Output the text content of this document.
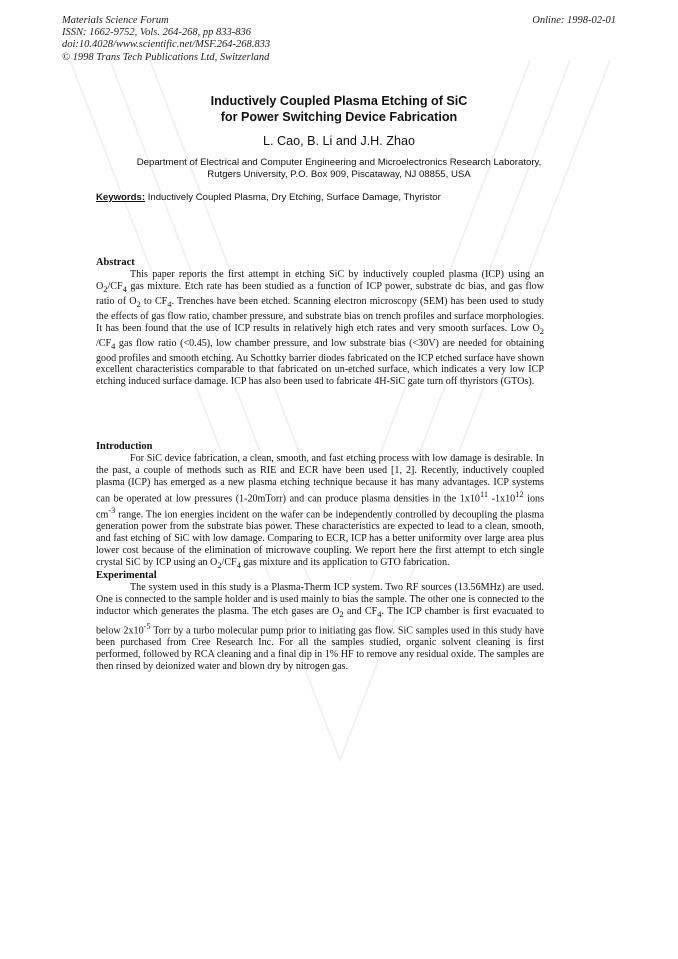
Materials Science Forum
ISSN: 1662-9752, Vols. 264-268, pp 833-836
doi:10.4028/www.scientific.net/MSF.264-268.833
© 1998 Trans Tech Publications Ltd, Switzerland
Online: 1998-02-01
Inductively Coupled Plasma Etching of SiC
for Power Switching Device Fabrication
L. Cao, B. Li and J.H. Zhao
Department of Electrical and Computer Engineering and Microelectronics Research Laboratory,
Rutgers University, P.O. Box 909, Piscataway, NJ 08855, USA
Keywords: Inductively Coupled Plasma, Dry Etching, Surface Damage, Thyristor
Abstract

This paper reports the first attempt in etching SiC by inductively coupled plasma (ICP) using an $O_2/CF_4$ gas mixture. Etch rate has been studied as a function of ICP power, substrate dc bias, and gas flow ratio of $O_2$ to $CF_4$. Trenches have been etched. Scanning electron microscopy (SEM) has been used to study the effects of gas flow ratio, chamber pressure, and substrate bias on trench profiles and surface morphologies. It has been found that the use of ICP results in relatively high etch rates and very smooth surfaces. Low $O_2$ $/CF_4$ gas flow ratio (<0.45), low chamber pressure, and low substrate bias (<30V) are needed for obtaining good profiles and smooth etching. Au Schottky barrier diodes fabricated on the ICP etched surface have shown excellent characteristics comparable to that fabricated on un-etched surface, which indicates a very low ICP etching induced surface damage. ICP has also been used to fabricate 4H-SiC gate turn off thyristors (GTOs).

Introduction

For SiC device fabrication, a clean, smooth, and fast etching process with low damage is desirable. In the past, a couple of methods such as RIE and ECR have been used [1, 2]. Recently, inductively coupled plasma (ICP) has emerged as a new plasma etching technique because it has many advantages. ICP systems can be operated at low pressures (1-20mTorr) and can produce plasma densities in the $1x10^{11}$ $-1x10^{12}$ ions $cm^{-3}$ range. The ion energies incident on the wafer can be independently controlled by decoupling the plasma generation power from the substrate bias power. These characteristics are expected to lead to a clean, smooth, and fast etching of SiC with low damage. Comparing to ECR, ICP has a better uniformity over large area plus lower cost because of the elimination of microwave coupling. We report here the first attempt to etch single crystal SiC by ICP using an $O_2/CF_4$ gas mixture and its application to GTO fabrication.

Experimental

The system used in this study is a Plasma-Therm ICP system. Two RF sources (13.56MHz) are used. One is connected to the sample holder and is used mainly to bias the sample. The other one is connected to the inductor which generates the plasma. The etch gases are $O_2$ and $CF_4$. The ICP chamber is first evacuated to below $2x10^{-5}$ Torr by a turbo molecular pump prior to initiating gas flow. SiC samples used in this study have been purchased from Cree Research Inc. For all the samples studied, organic solvent cleaning is first performed, followed by RCA cleaning and a final dip in 1% HF to remove any residual oxide. The samples are then rinsed by deionized water and blown dry by nitrogen gas.
